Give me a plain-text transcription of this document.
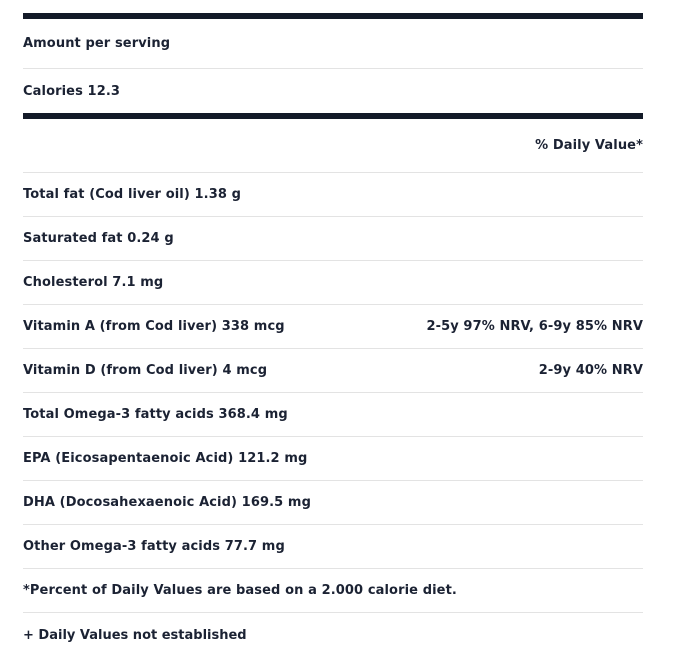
Amount per serving
Calories 12.3
% Daily Value*
Total fat (Cod liver oil) 1.38 g
Saturated fat 0.24 g
Cholesterol 7.1 mg
Vitamin A (from Cod liver) 338 mcg	2-5y 97% NRV, 6-9y 85% NRV
Vitamin D (from Cod liver) 4 mcg	2-9y 40% NRV
Total Omega-3 fatty acids 368.4 mg
EPA (Eicosapentaenoic Acid) 121.2 mg
DHA (Docosahexaenoic Acid) 169.5 mg
Other Omega-3 fatty acids 77.7 mg
*Percent of Daily Values are based on a 2.000 calorie diet.
+ Daily Values not established
